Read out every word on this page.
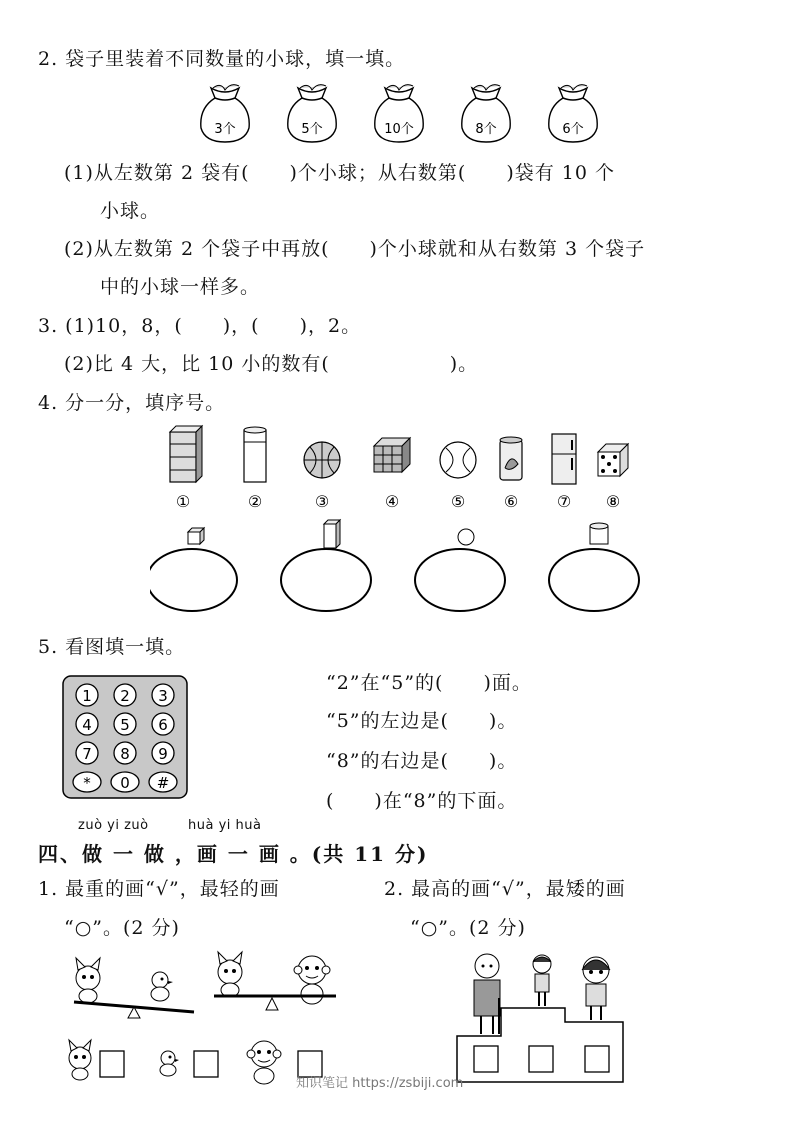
2. 袋子里装着不同数量的小球，填一填。
3个	5个	10个	8个	6个
(1)从左数第 2 袋有(　　)个小球；从右数第(　　)袋有 10 个
小球。
(2)从左数第 2 个袋子中再放(　　)个小球就和从右数第 3 个袋子
中的小球一样多。
3. (1)10，8，(　　)，(　　)，2。
(2)比 4 大，比 10 小的数有(　　　　　　)。
4. 分一分，填序号。
①	②	③	④	⑤ ⑥ ⑦ ⑧
5. 看图填一填。
1 2 3
4 5 6
7 8 9
* 0 #
“2”在“5”的(　　)面。
“5”的左边是(　　)。
“8”的右边是(　　)。
(　　)在“8”的下面。
zuò yi zuò	huà yi huà
四、做 一 做 ，画 一 画 。(共 11 分)
1. 最重的画“√”，最轻的画
“○”。(2 分)
2. 最高的画“√”，最矮的画
“○”。(2 分)
知识笔记 https://zsbiji.com
